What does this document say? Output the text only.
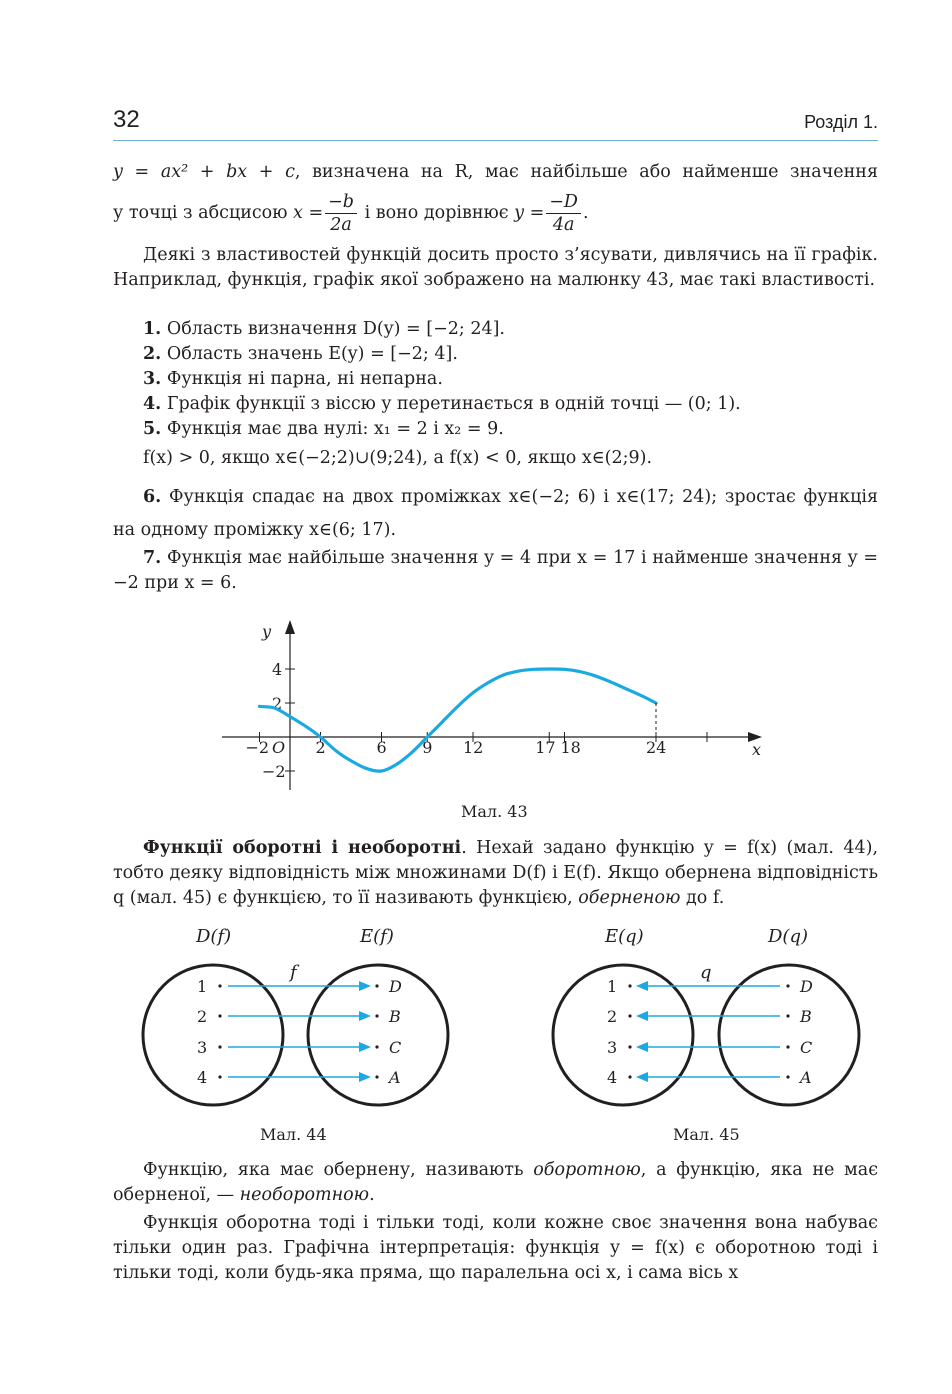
32	Розділ 1.
y = ax² + bx + c, визначена на R, має найбільше або найменше значення
у точці з абсцисою $x = \frac{-b}{2a}$ і воно дорівнює $y = \frac{-D}{4a}$ .
Деякі з властивостей функцій досить просто з’ясувати, дивлячись на її графік. Наприклад, функція, графік якої зображено на малюнку 43, має такі властивості.
1. Область визначення D(y) = [−2; 24].
2. Область значень E(y) = [−2; 4].
3. Функція ні парна, ні непарна.
4. Графік функції з віссю y перетинається в одній точці — (0; 1).
5. Функція має два нулі: x₁ = 2 і x₂ = 9.
f(x) > 0, якщо x∈(−2;2)∪(9;24), а f(x) < 0, якщо x∈(2;9).
6. Функція спадає на двох проміжках x∈(−2; 6) і x∈(17; 24); зростає функція на одному проміжку x∈(6; 17).
7. Функція має найбільше значення y = 4 при x = 17 і найменше значення y = −2 при x = 6.
x
y
O
−2	2	6 9 12	17 18	24
4
2
−2
Мал. 43
Функції оборотні і необоротні. Нехай задано функцію y = f(x) (мал. 44), тобто деяку відповідність між множинами D(f) і E(f). Якщо обернена відповідність q (мал. 45) є функцією, то її називають функцією, оберненою до f.
D(f)	E(f)
f
1	D
2	B
3	C
4	A
Мал. 44
E(q)	D(q)
q
1	D
2	B
3	C
4	A
Мал. 45
Функцію, яка має обернену, називають оборотною, а функцію, яка не має оберненої, — необоротною.
Функція оборотна тоді і тільки тоді, коли кожне своє значення вона набуває тільки один раз. Графічна інтерпретація: функція y = f(x) є оборотною тоді і тільки тоді, коли будь-яка пряма, що паралельна осі x, і сама вісь x
